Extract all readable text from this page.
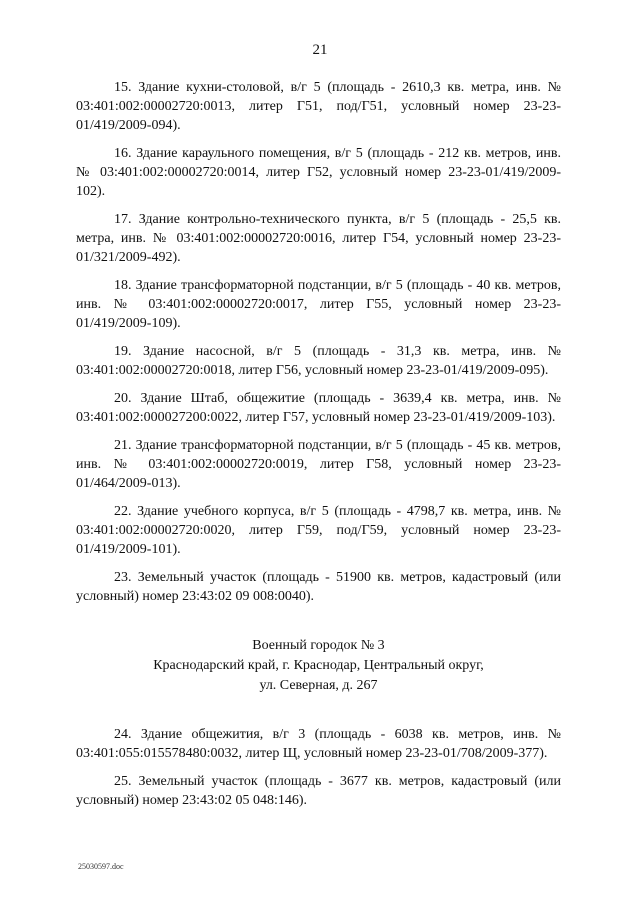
21

15. Здание кухни-столовой, в/г 5 (площадь - 2610,3 кв. метра, инв. № 03:401:002:00002720:0013, литер Г51, под/Г51, условный номер 23-23-01/419/2009-094).

16. Здание караульного помещения, в/г 5 (площадь - 212 кв. метров, инв. № 03:401:002:00002720:0014, литер Г52, условный номер 23-23-01/419/2009-102).

17. Здание контрольно-технического пункта, в/г 5 (площадь - 25,5 кв. метра, инв. № 03:401:002:00002720:0016, литер Г54, условный номер 23-23-01/321/2009-492).

18. Здание трансформаторной подстанции, в/г 5 (площадь - 40 кв. метров, инв. № 03:401:002:00002720:0017, литер Г55, условный номер 23-23-01/419/2009-109).

19. Здание насосной, в/г 5 (площадь - 31,3 кв. метра, инв. № 03:401:002:00002720:0018, литер Г56, условный номер 23-23-01/419/2009-095).

20. Здание Штаб, общежитие (площадь - 3639,4 кв. метра, инв. № 03:401:002:000027200:0022, литер Г57, условный номер 23-23-01/419/2009-103).

21. Здание трансформаторной подстанции, в/г 5 (площадь - 45 кв. метров, инв. № 03:401:002:00002720:0019, литер Г58, условный номер 23-23-01/464/2009-013).

22. Здание учебного корпуса, в/г 5 (площадь - 4798,7 кв. метра, инв. № 03:401:002:00002720:0020, литер Г59, под/Г59, условный номер 23-23-01/419/2009-101).

23. Земельный участок (площадь - 51900 кв. метров, кадастровый (или условный) номер 23:43:02 09 008:0040).

Военный городок № 3
Краснодарский край, г. Краснодар, Центральный округ,
ул. Северная, д. 267

24. Здание общежития, в/г 3 (площадь - 6038 кв. метров, инв. № 03:401:055:015578480:0032, литер Щ, условный номер 23-23-01/708/2009-377).

25. Земельный участок (площадь - 3677 кв. метров, кадастровый (или условный) номер 23:43:02 05 048:146).

25030597.doc
